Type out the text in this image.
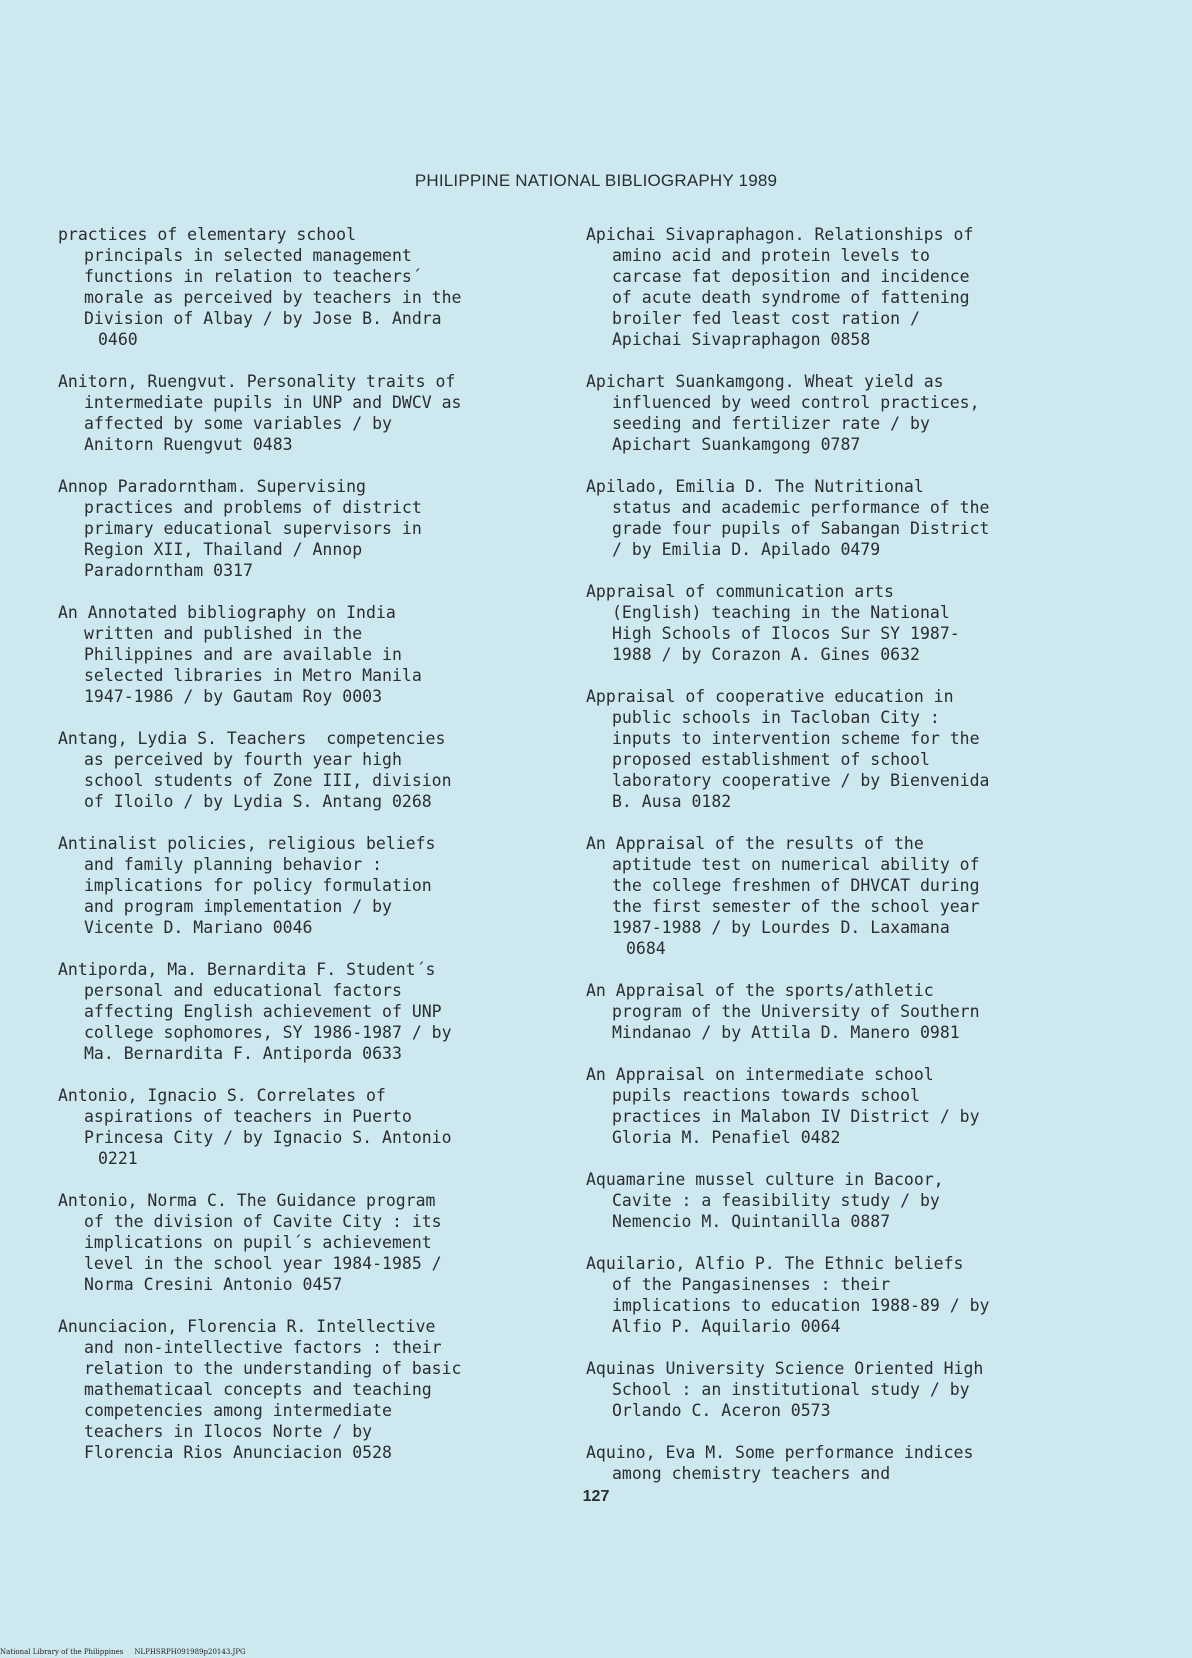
PHILIPPINE NATIONAL BIBLIOGRAPHY 1989

practices of elementary school

principals in selected management

functions in relation to teachers´

morale as perceived by teachers in the

Division of Albay / by Jose B. Andra

0460

Anitorn, Ruengvut. Personality traits of

intermediate pupils in UNP and DWCV as

affected by some variables / by

Anitorn Ruengvut 0483

Annop Paradorntham. Supervising

practices and problems of district

primary educational supervisors in

Region XII, Thailand / Annop

Paradorntham 0317

An Annotated bibliography on India

written and published in the

Philippines and are available in

selected libraries in Metro Manila

1947-1986 / by Gautam Roy 0003

Antang, Lydia S. Teachers  competencies

as perceived by fourth year high

school students of Zone III, division

of Iloilo / by Lydia S. Antang 0268

Antinalist policies, religious beliefs

and family planning behavior :

implications for policy formulation

and program implementation / by

Vicente D. Mariano 0046

Antiporda, Ma. Bernardita F. Student´s

personal and educational factors

affecting English achievement of UNP

college sophomores, SY 1986-1987 / by

Ma. Bernardita F. Antiporda 0633

Antonio, Ignacio S. Correlates of

aspirations of teachers in Puerto

Princesa City / by Ignacio S. Antonio

0221

Antonio, Norma C. The Guidance program

of the division of Cavite City : its

implications on pupil´s achievement

level in the school year 1984-1985 /

Norma Cresini Antonio 0457

Anunciacion, Florencia R. Intellective

and non-intellective factors : their

relation to the understanding of basic

mathematicaal concepts and teaching

competencies among intermediate

teachers in Ilocos Norte / by

Florencia Rios Anunciacion 0528

Apichai Sivapraphagon. Relationships of

amino acid and protein levels to

carcase fat deposition and incidence

of acute death syndrome of fattening

broiler fed least cost ration /

Apichai Sivapraphagon 0858

Apichart Suankamgong. Wheat yield as

influenced by weed control practices,

seeding and fertilizer rate / by

Apichart Suankamgong 0787

Apilado, Emilia D. The Nutritional

status and academic performance of the

grade four pupils of Sabangan District

/ by Emilia D. Apilado 0479

Appraisal of communication arts

(English) teaching in the National

High Schools of Ilocos Sur SY 1987-

1988 / by Corazon A. Gines 0632

Appraisal of cooperative education in

public schools in Tacloban City :

inputs to intervention scheme for the

proposed establishment of school

laboratory cooperative / by Bienvenida

B. Ausa 0182

An Appraisal of the results of the

aptitude test on numerical ability of

the college freshmen of DHVCAT during

the first semester of the school year

1987-1988 / by Lourdes D. Laxamana

0684

An Appraisal of the sports/athletic

program of the University of Southern

Mindanao / by Attila D. Manero 0981

An Appraisal on intermediate school

pupils reactions towards school

practices in Malabon IV District / by

Gloria M. Penafiel 0482

Aquamarine mussel culture in Bacoor,

Cavite : a feasibility study / by

Nemencio M. Quintanilla 0887

Aquilario, Alfio P. The Ethnic beliefs

of the Pangasinenses : their

implications to education 1988-89 / by

Alfio P. Aquilario 0064

Aquinas University Science Oriented High

School : an institutional study / by

Orlando C. Aceron 0573

Aquino, Eva M. Some performance indices

among chemistry teachers and

127
National Library of the Philippines     NLPHSRPH091989p20143.JPG
